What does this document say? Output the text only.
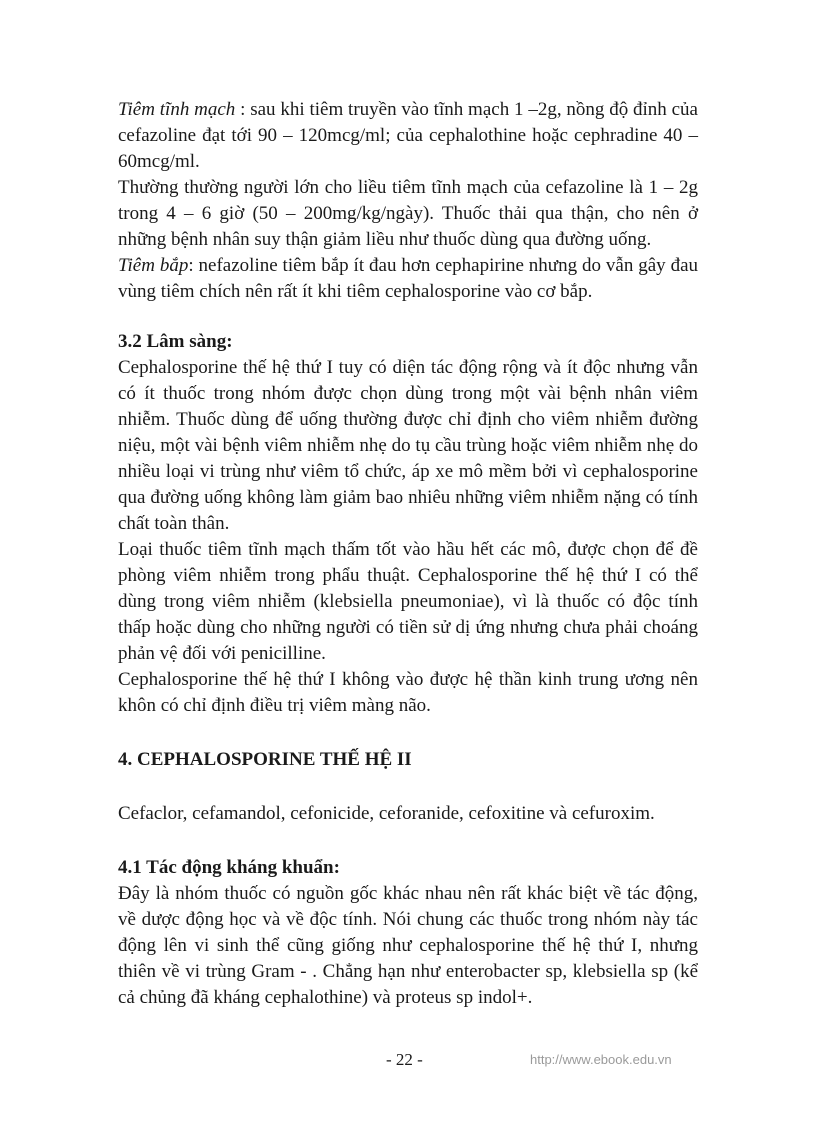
Tiêm tĩnh mạch : sau khi tiêm truyền vào tĩnh mạch 1 –2g, nồng độ đỉnh của cefazoline đạt tới 90 – 120mcg/ml; của cephalothine hoặc cephradine 40 – 60mcg/ml.

Thường thường người lớn cho liều tiêm tĩnh mạch của cefazoline là 1 – 2g trong 4 – 6 giờ (50 – 200mg/kg/ngày). Thuốc thải qua thận, cho nên ở những bệnh nhân suy thận giảm liều như thuốc dùng qua đường uống.

Tiêm bắp: nefazoline tiêm bắp ít đau hơn cephapirine nhưng do vẫn gây đau vùng tiêm chích nên rất ít khi tiêm cephalosporine vào cơ bắp.

3.2 Lâm sàng:

Cephalosporine thế hệ thứ I tuy có diện tác động rộng và ít độc nhưng vẫn có ít thuốc trong nhóm được chọn dùng trong một vài bệnh nhân viêm nhiễm. Thuốc dùng để uống thường được chỉ định cho viêm nhiễm đường niệu, một vài bệnh viêm nhiễm nhẹ do tụ cầu trùng hoặc viêm nhiễm nhẹ do nhiều loại vi trùng như viêm tổ chức, áp xe mô mềm bởi vì cephalosporine qua đường uống không làm giảm bao nhiêu những viêm nhiễm nặng có tính chất toàn thân.

Loại thuốc tiêm tĩnh mạch thấm tốt vào hầu hết các mô, được chọn để đề phòng viêm nhiễm trong phẩu thuật. Cephalosporine thế hệ thứ I có thể dùng trong viêm nhiễm (klebsiella pneumoniae), vì là thuốc có độc tính thấp hoặc dùng cho những người có tiền sử dị ứng nhưng chưa phải choáng phản vệ đối với penicilline.

Cephalosporine thế hệ thứ I không vào được hệ thần kinh trung ương nên khôn có chỉ định điều trị viêm màng não.

4. CEPHALOSPORINE THẾ HỆ II

Cefaclor, cefamandol, cefonicide, ceforanide, cefoxitine và cefuroxim.

4.1 Tác động kháng khuẩn:

Đây là nhóm thuốc có nguồn gốc khác nhau nên rất khác biệt về tác động, về dược động học và về độc tính. Nói chung các thuốc trong nhóm này tác động lên vi sinh thể cũng giống như cephalosporine thế hệ thứ I, nhưng thiên về vi trùng Gram - . Chẳng hạn như enterobacter sp, klebsiella sp (kể cả chủng đã kháng cephalothine) và proteus sp indol+.

- 22 -	http://www.ebook.edu.vn
